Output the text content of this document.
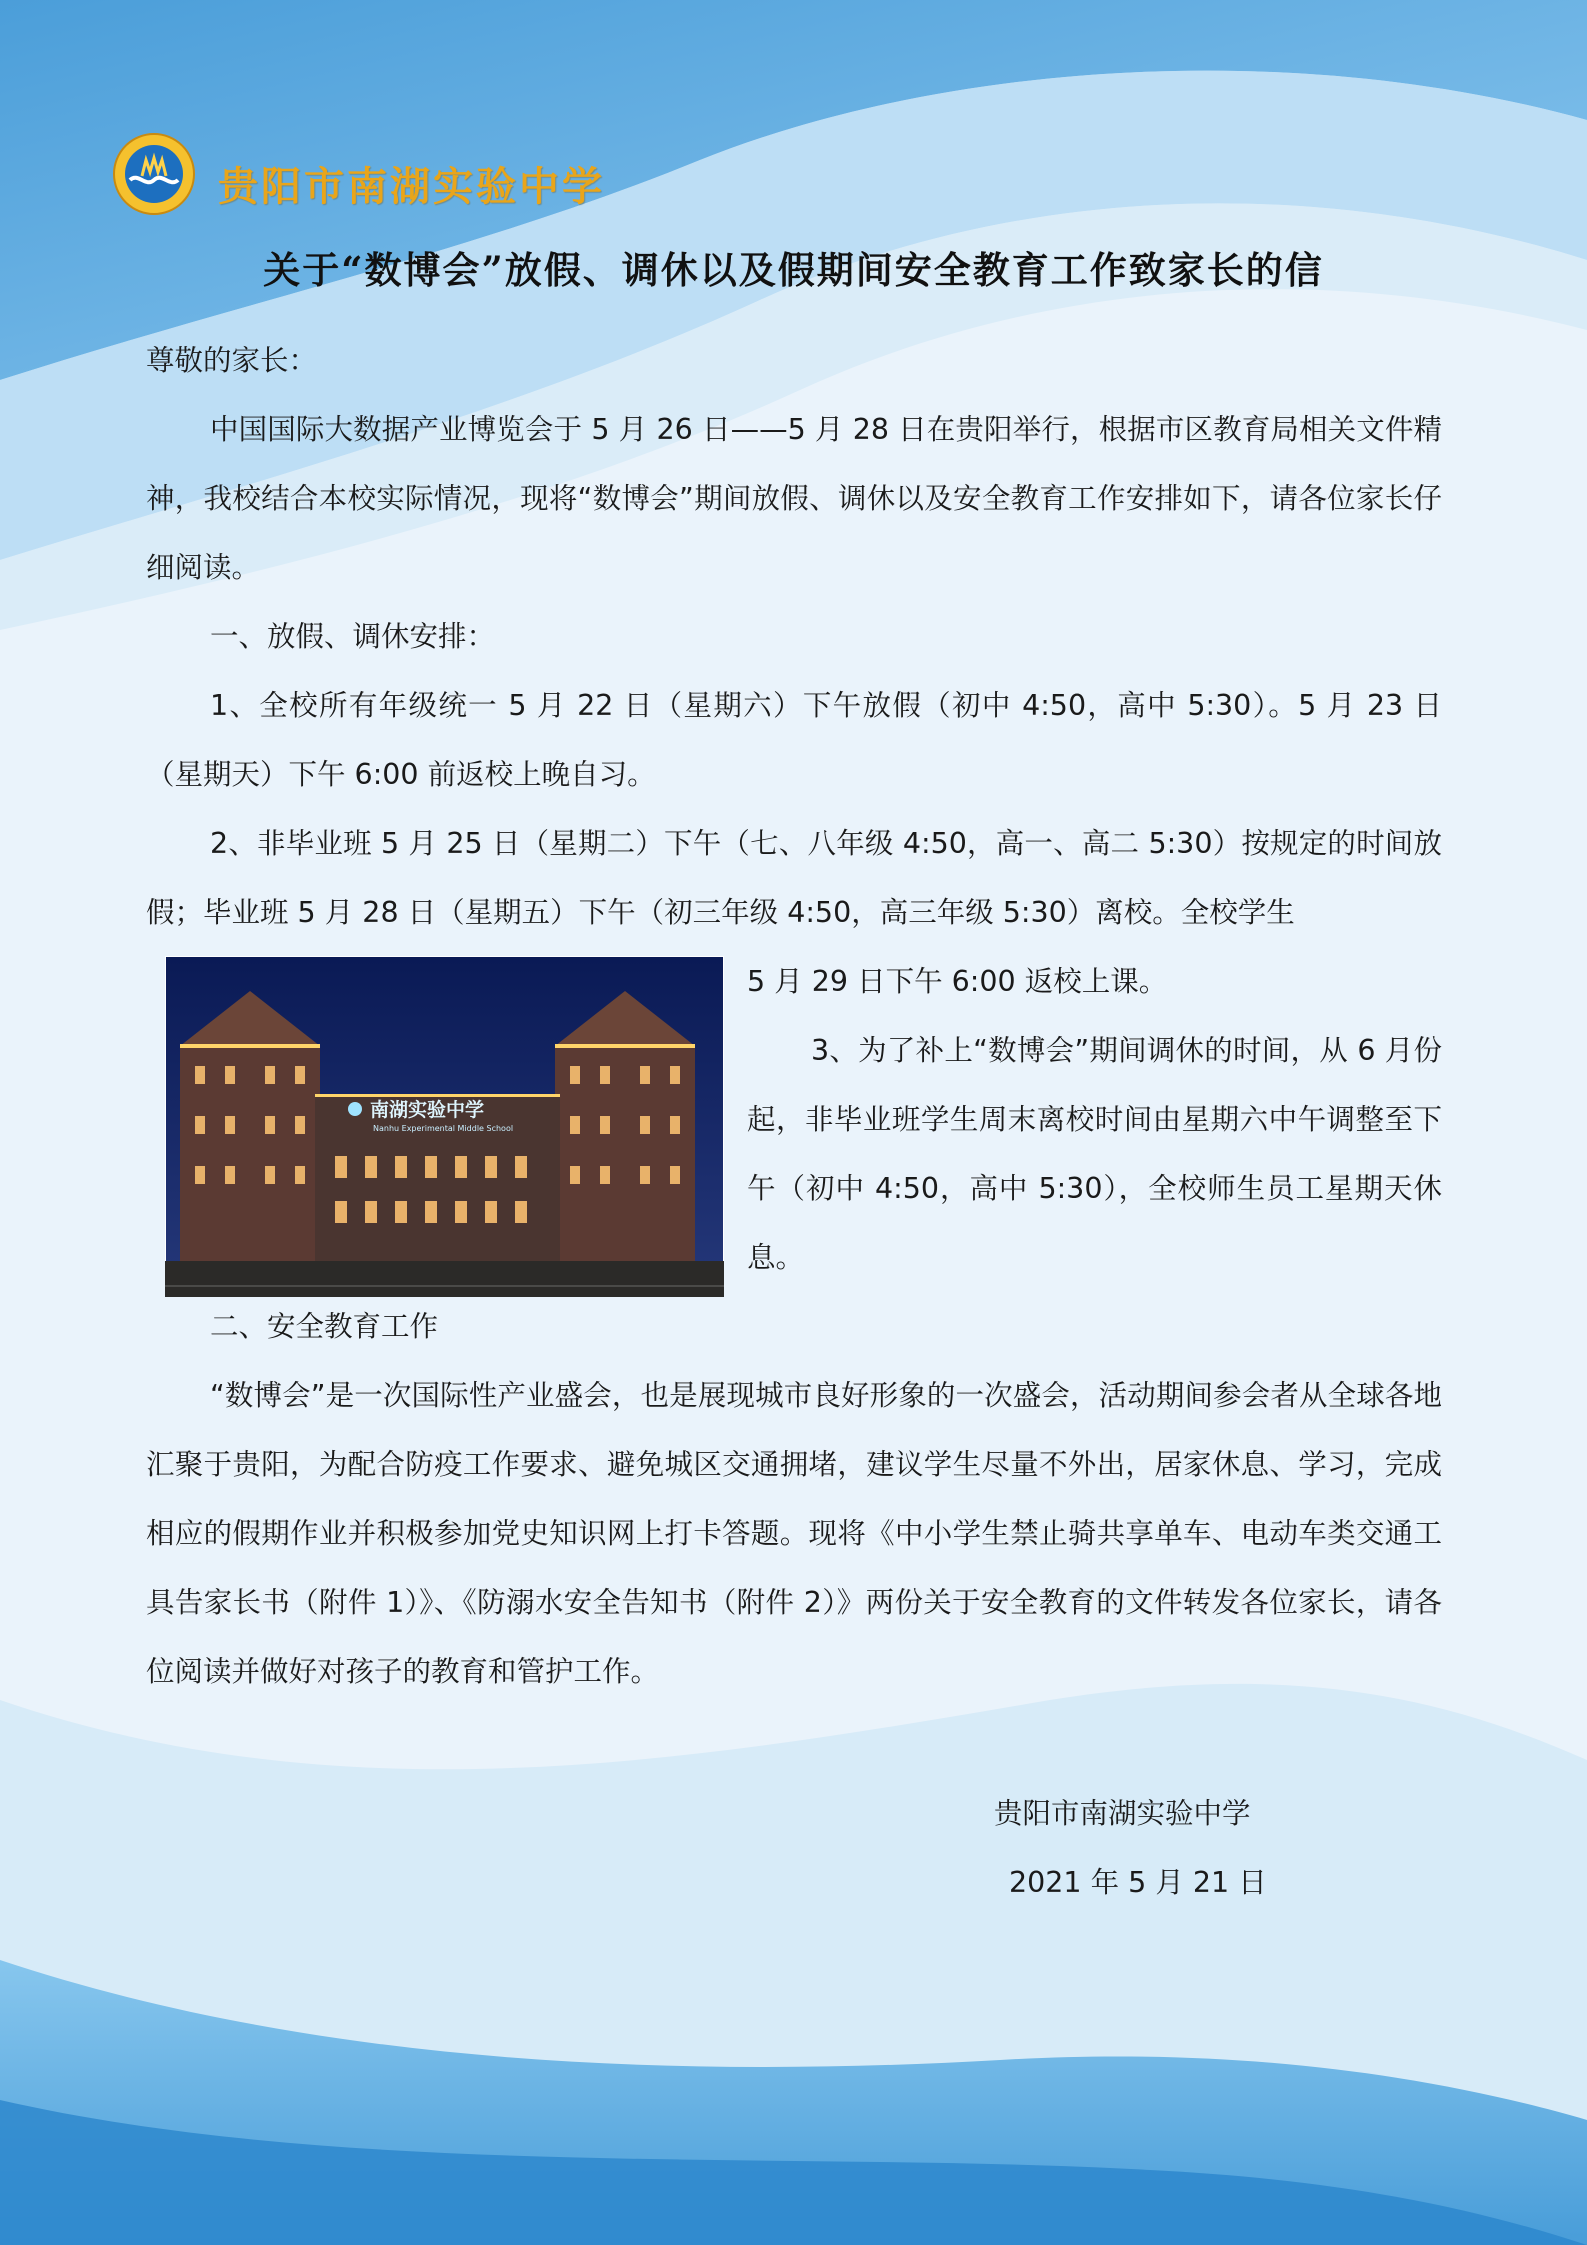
贵阳市南湖实验中学
关于“数博会”放假、调休以及假期间安全教育工作致家长的信

尊敬的家长：

中国国际大数据产业博览会于 5 月 26 日——5 月 28 日在贵阳举行，根据市区教育局相关文件精神，我校结合本校实际情况，现将“数博会”期间放假、调休以及安全教育工作安排如下，请各位家长仔细阅读。

一、放假、调休安排：

1、全校所有年级统一 5 月 22 日（星期六）下午放假（初中 4:50，高中 5:30）。5 月 23 日（星期天）下午 6:00 前返校上晚自习。

2、非毕业班 5 月 25 日（星期二）下午（七、八年级 4:50，高一、高二 5:30）按规定的时间放假；毕业班 5 月 28 日（星期五）下午（初三年级 4:50，高三年级 5:30）离校。全校学生

南湖实验中学
Nanhu Experimental Middle School

5 月 29 日下午 6:00 返校上课。

3、为了补上“数博会”期间调休的时间，从 6 月份起，非毕业班学生周末离校时间由星期六中午调整至下午（初中 4:50，高中 5:30），全校师生员工星期天休息。

二、安全教育工作

“数博会”是一次国际性产业盛会，也是展现城市良好形象的一次盛会，活动期间参会者从全球各地汇聚于贵阳，为配合防疫工作要求、避免城区交通拥堵，建议学生尽量不外出，居家休息、学习，完成相应的假期作业并积极参加党史知识网上打卡答题。现将《中小学生禁止骑共享单车、电动车类交通工具告家长书（附件 1）》、《防溺水安全告知书（附件 2）》两份关于安全教育的文件转发各位家长，请各位阅读并做好对孩子的教育和管护工作。

贵阳市南湖实验中学
2021 年 5 月 21 日
